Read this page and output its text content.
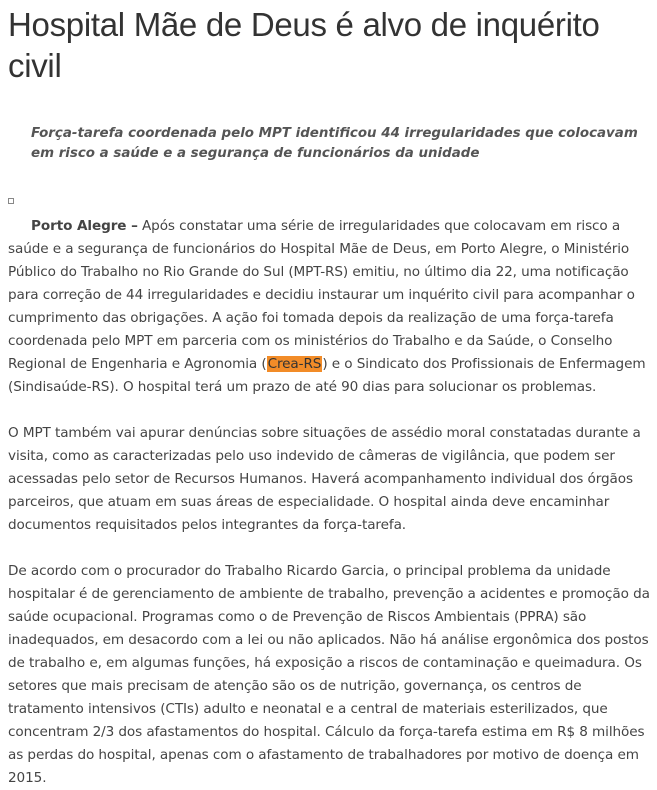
Hospital Mãe de Deus é alvo de inquérito civil

Força-tarefa coordenada pelo MPT identificou 44 irregularidades que colocavam em risco a saúde e a segurança de funcionários da unidade

Porto Alegre – Após constatar uma série de irregularidades que colocavam em risco a saúde e a segurança de funcionários do Hospital Mãe de Deus, em Porto Alegre, o Ministério Público do Trabalho no Rio Grande do Sul (MPT-RS) emitiu, no último dia 22, uma notificação para correção de 44 irregularidades e decidiu instaurar um inquérito civil para acompanhar o cumprimento das obrigações. A ação foi tomada depois da realização de uma força-tarefa coordenada pelo MPT em parceria com os ministérios do Trabalho e da Saúde, o Conselho Regional de Engenharia e Agronomia (Crea-RS) e o Sindicato dos Profissionais de Enfermagem (Sindisaúde-RS). O hospital terá um prazo de até 90 dias para solucionar os problemas.

O MPT também vai apurar denúncias sobre situações de assédio moral constatadas durante a visita, como as caracterizadas pelo uso indevido de câmeras de vigilância, que podem ser acessadas pelo setor de Recursos Humanos. Haverá acompanhamento individual dos órgãos parceiros, que atuam em suas áreas de especialidade. O hospital ainda deve encaminhar documentos requisitados pelos integrantes da força-tarefa.

De acordo com o procurador do Trabalho Ricardo Garcia, o principal problema da unidade hospitalar é de gerenciamento de ambiente de trabalho, prevenção a acidentes e promoção da saúde ocupacional. Programas como o de Prevenção de Riscos Ambientais (PPRA) são inadequados, em desacordo com a lei ou não aplicados. Não há análise ergonômica dos postos de trabalho e, em algumas funções, há exposição a riscos de contaminação e queimadura. Os setores que mais precisam de atenção são os de nutrição, governança, os centros de tratamento intensivos (CTIs) adulto e neonatal e a central de materiais esterilizados, que concentram 2/3 dos afastamentos do hospital. Cálculo da força-tarefa estima em R$ 8 milhões as perdas do hospital, apenas com o afastamento de trabalhadores por motivo de doença em 2015.
